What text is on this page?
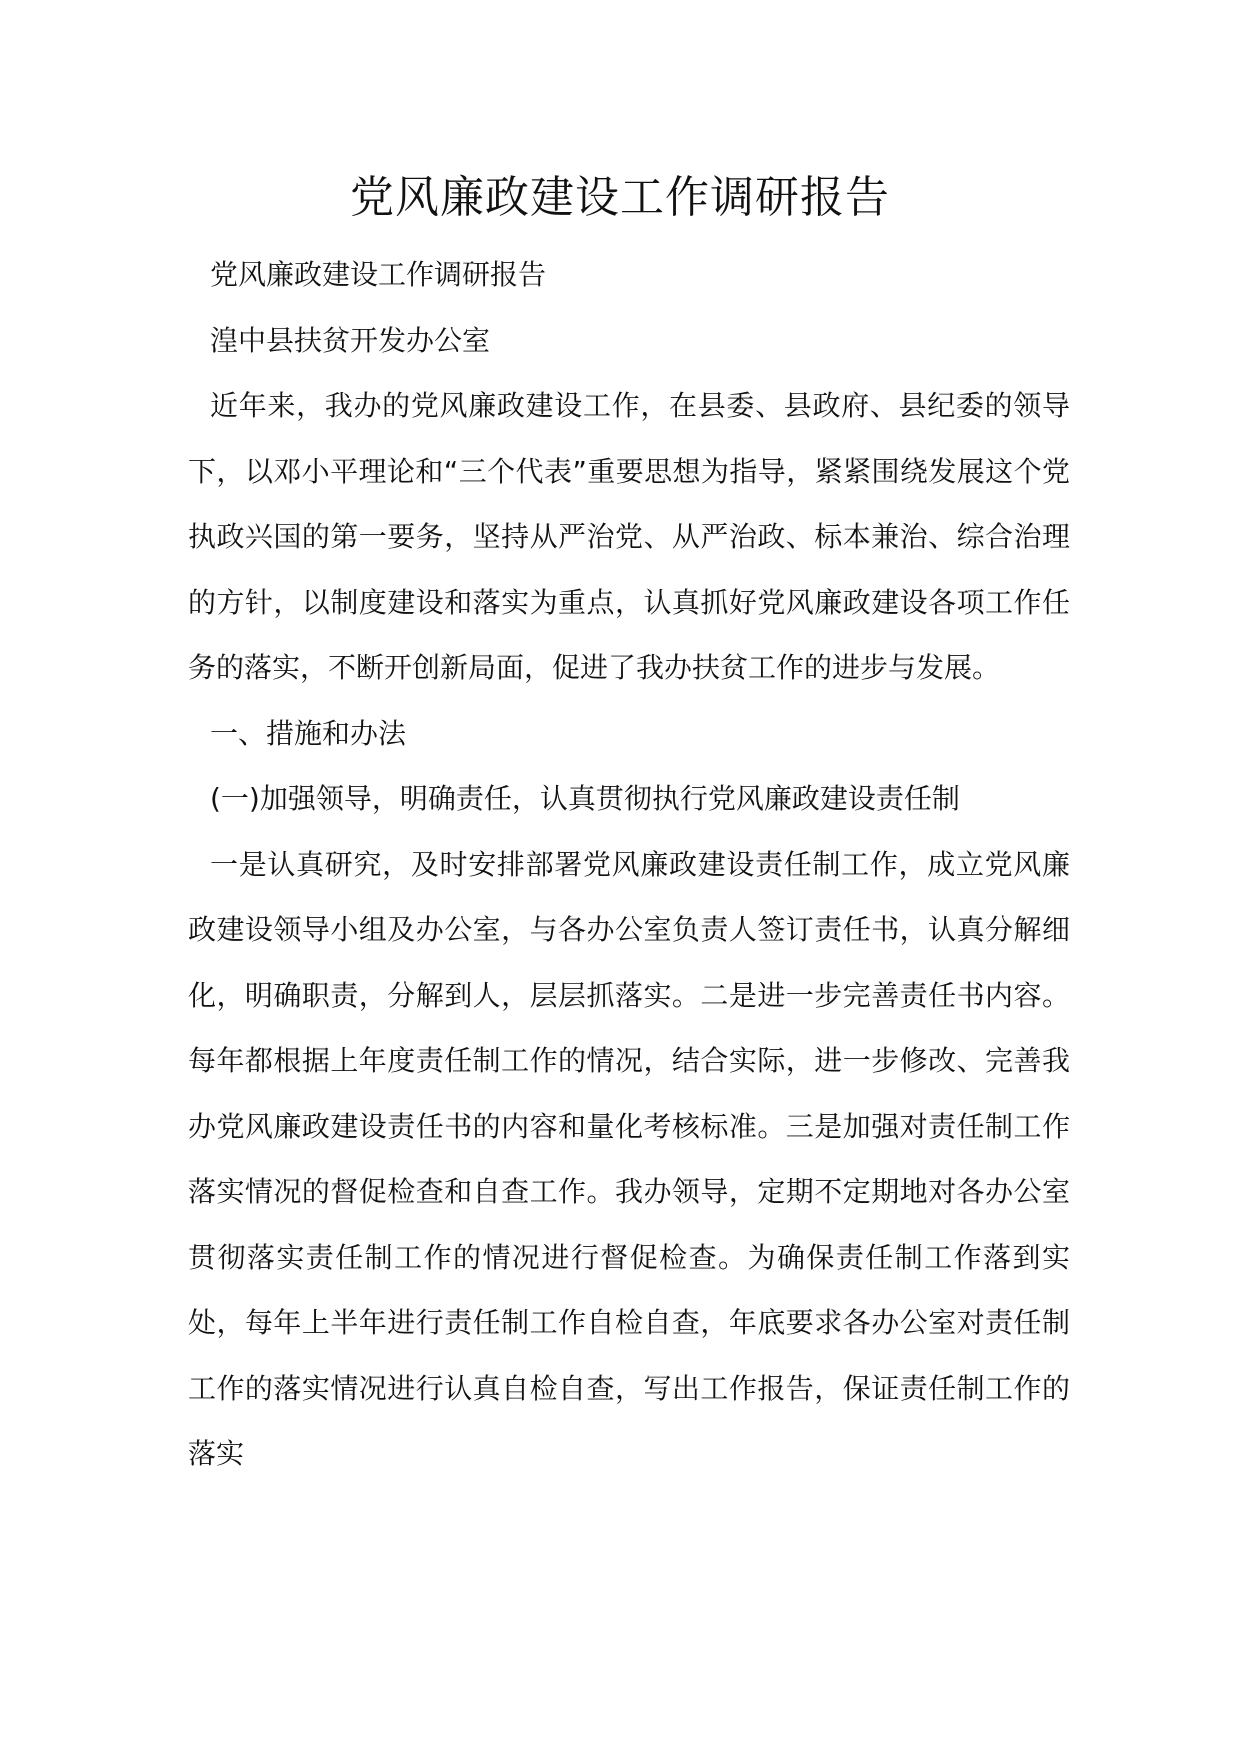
党风廉政建设工作调研报告

党风廉政建设工作调研报告

湟中县扶贫开发办公室

近年来，我办的党风廉政建设工作，在县委、县政府、县纪委的领导下，以邓小平理论和“三个代表”重要思想为指导，紧紧围绕发展这个党执政兴国的第一要务，坚持从严治党、从严治政、标本兼治、综合治理的方针，以制度建设和落实为重点，认真抓好党风廉政建设各项工作任务的落实，不断开创新局面，促进了我办扶贫工作的进步与发展。

一、措施和办法

(一)加强领导，明确责任，认真贯彻执行党风廉政建设责任制

一是认真研究，及时安排部署党风廉政建设责任制工作，成立党风廉政建设领导小组及办公室，与各办公室负责人签订责任书，认真分解细化，明确职责，分解到人，层层抓落实。二是进一步完善责任书内容。每年都根据上年度责任制工作的情况，结合实际，进一步修改、完善我办党风廉政建设责任书的内容和量化考核标准。三是加强对责任制工作落实情况的督促检查和自查工作。我办领导，定期不定期地对各办公室贯彻落实责任制工作的情况进行督促检查。为确保责任制工作落到实处，每年上半年进行责任制工作自检自查，年底要求各办公室对责任制工作的落实情况进行认真自检自查，写出工作报告，保证责任制工作的落实
